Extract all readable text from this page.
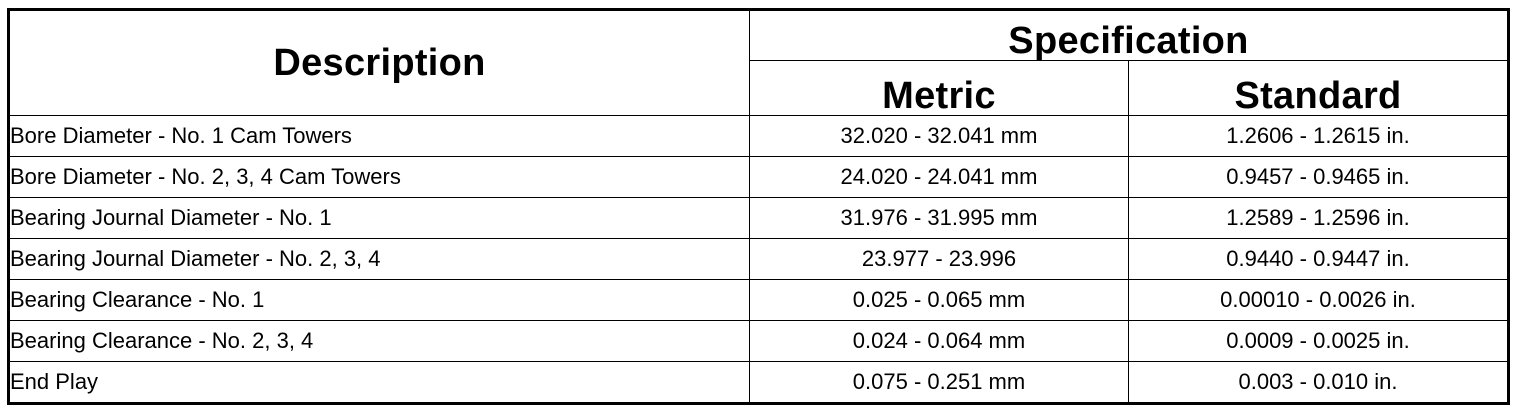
Description	Specification	
	Metric	Standard
Bore Diameter - No. 1 Cam Towers	32.020 - 32.041 mm	1.2606 - 1.2615 in.
Bore Diameter - No. 2, 3, 4 Cam Towers	24.020 - 24.041 mm	0.9457 - 0.9465 in.
Bearing Journal Diameter - No. 1	31.976 - 31.995 mm	1.2589 - 1.2596 in.
Bearing Journal Diameter - No. 2, 3, 4	23.977 - 23.996	0.9440 - 0.9447 in.
Bearing Clearance - No. 1	0.025 - 0.065 mm	0.00010 - 0.0026 in.
Bearing Clearance - No. 2, 3, 4	0.024 - 0.064 mm	0.0009 - 0.0025 in.
End Play	0.075 - 0.251 mm	0.003 - 0.010 in.
